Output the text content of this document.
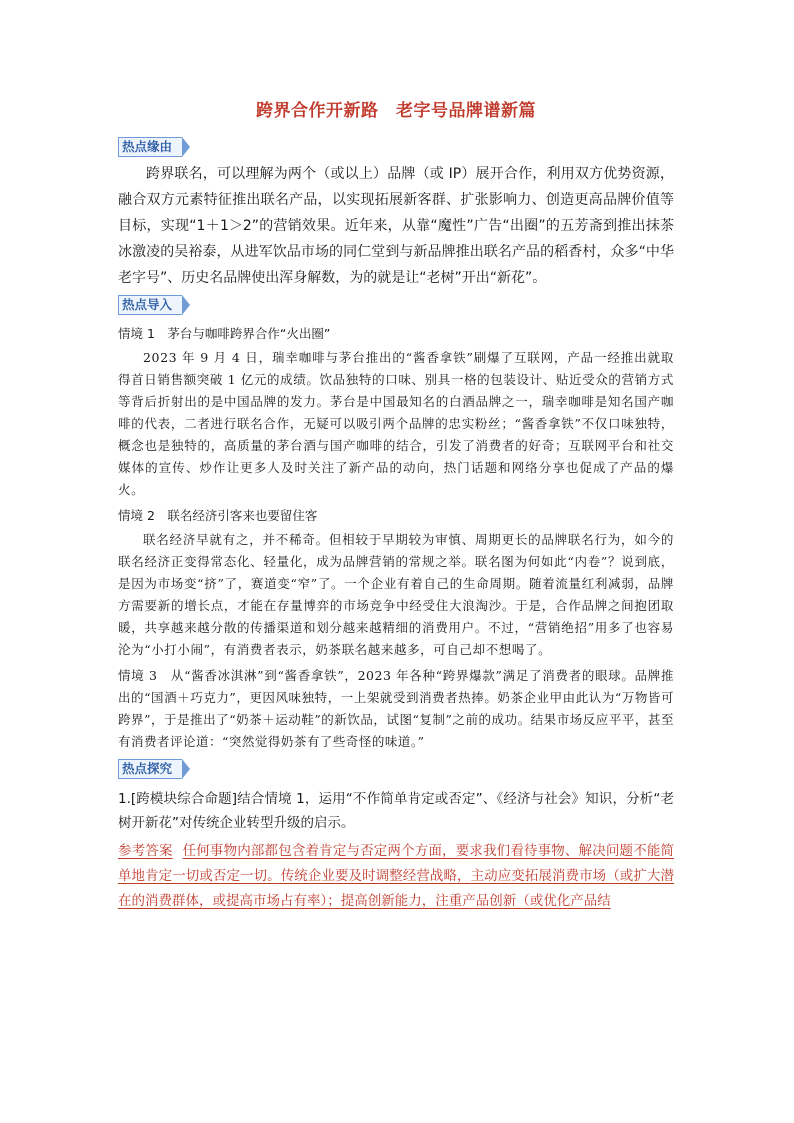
跨界合作开新路　老字号品牌谱新篇
热点缘由

跨界联名，可以理解为两个（或以上）品牌（或 IP）展开合作，利用双方优势资源，融合双方元素特征推出联名产品，以实现拓展新客群、扩张影响力、创造更高品牌价值等目标，实现“1＋1＞2”的营销效果。近年来，从靠“魔性”广告“出圈”的五芳斋到推出抹茶冰激凌的吴裕泰，从进军饮品市场的同仁堂到与新品牌推出联名产品的稻香村，众多“中华老字号”、历史名品牌使出浑身解数，为的就是让“老树”开出“新花”。

热点导入
情境 1　茅台与咖啡跨界合作“火出圈”

2023 年 9 月 4 日，瑞幸咖啡与茅台推出的“酱香拿铁”刷爆了互联网，产品一经推出就取得首日销售额突破 1 亿元的成绩。饮品独特的口味、别具一格的包装设计、贴近受众的营销方式等背后折射出的是中国品牌的发力。茅台是中国最知名的白酒品牌之一，瑞幸咖啡是知名国产咖啡的代表，二者进行联名合作，无疑可以吸引两个品牌的忠实粉丝；“酱香拿铁”不仅口味独特，概念也是独特的，高质量的茅台酒与国产咖啡的结合，引发了消费者的好奇；互联网平台和社交媒体的宣传、炒作让更多人及时关注了新产品的动向，热门话题和网络分享也促成了产品的爆火。

情境 2　联名经济引客来也要留住客

联名经济早就有之，并不稀奇。但相较于早期较为审慎、周期更长的品牌联名行为，如今的联名经济正变得常态化、轻量化，成为品牌营销的常规之举。联名图为何如此“内卷”？说到底，是因为市场变“挤”了，赛道变“窄”了。一个企业有着自己的生命周期。随着流量红利减弱，品牌方需要新的增长点，才能在存量博弈的市场竞争中经受住大浪淘沙。于是，合作品牌之间抱团取暖，共享越来越分散的传播渠道和划分越来越精细的消费用户。不过，“营销绝招”用多了也容易沦为“小打小闹”，有消费者表示，奶茶联名越来越多，可自己却不想喝了。

情境 3　从“酱香冰淇淋”到“酱香拿铁”，2023 年各种“跨界爆款”满足了消费者的眼球。品牌推出的“国酒＋巧克力”，更因风味独特，一上架就受到消费者热捧。奶茶企业甲由此认为“万物皆可跨界”，于是推出了“奶茶＋运动鞋”的新饮品，试图“复制”之前的成功。结果市场反应平平，甚至有消费者评论道：“突然觉得奶茶有了些奇怪的味道。”

热点探究

1.[跨模块综合命题]结合情境 1，运用“不作简单肯定或否定”、《经济与社会》知识，分析“老树开新花”对传统企业转型升级的启示。

参考答案 任何事物内部都包含着肯定与否定两个方面，要求我们看待事物、解决问题不能简单地肯定一切或否定一切。传统企业要及时调整经营战略，主动应变拓展消费市场（或扩大潜在的消费群体，或提高市场占有率）；提高创新能力，注重产品创新（或优化产品结
